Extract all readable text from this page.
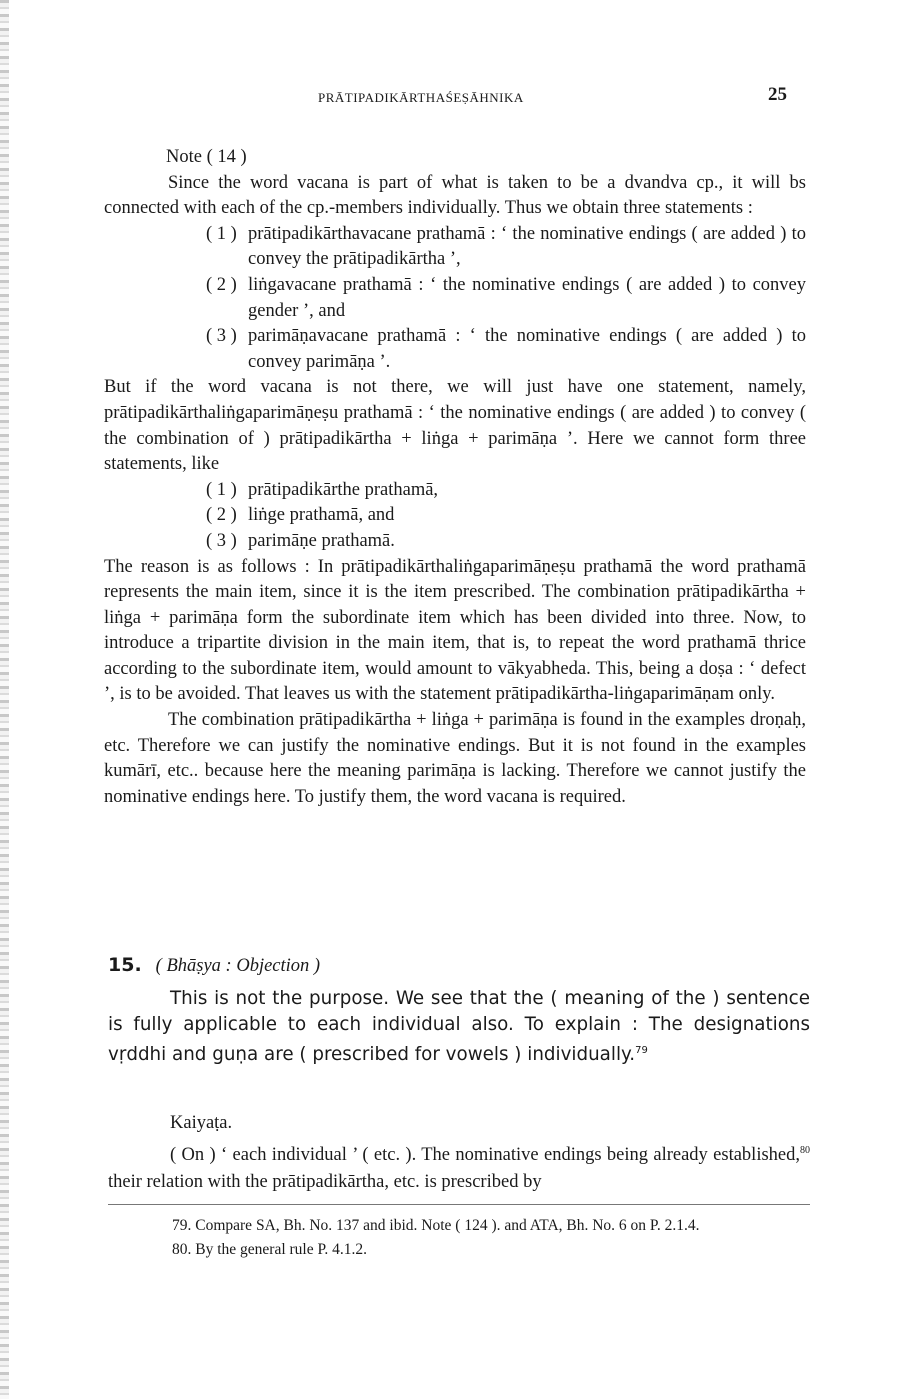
PRĀTIPADIKĀRTHAŚEṢĀHNIKA	25

Note ( 14 )

Since the word vacana is part of what is taken to be a dvandva cp., it will bs connected with each of the cp.-members individually. Thus we obtain three statements :

( 1 ) prātipadikārthavacane prathamā : ‘ the nominative endings ( are added ) to convey the prātipadikārtha ’,
( 2 ) liṅgavacane prathamā : ‘ the nominative endings ( are added ) to convey gender ’, and
( 3 ) parimāṇavacane prathamā : ‘ the nominative endings ( are added ) to convey parimāṇa ’.

But if the word vacana is not there, we will just have one statement, namely, prātipadikārthaliṅgaparimāṇeṣu prathamā : ‘ the nominative endings ( are added ) to convey ( the combination of ) prātipadikārtha + liṅga + parimāṇa ’. Here we cannot form three statements, like

( 1 ) prātipadikārthe prathamā,
( 2 ) liṅge prathamā, and
( 3 ) parimāṇe prathamā.

The reason is as follows : In prātipadikārthaliṅgaparimāṇeṣu prathamā the word prathamā represents the main item, since it is the item prescribed. The combination prātipadikārtha + liṅga + parimāṇa form the subordinate item which has been divided into three. Now, to introduce a tripartite division in the main item, that is, to repeat the word prathamā thrice according to the subordinate item, would amount to vākyabheda. This, being a doṣa : ‘ defect ’, is to be avoided. That leaves us with the statement prātipadikārtha-liṅgaparimāṇam only.

The combination prātipadikārtha + liṅga + parimāṇa is found in the examples droṇaḥ, etc. Therefore we can justify the nominative endings. But it is not found in the examples kumārī, etc.. because here the meaning parimāṇa is lacking. Therefore we cannot justify the nominative endings here. To justify them, the word vacana is required.

15. ( Bhāṣya : Objection )

This is not the purpose. We see that the ( meaning of the ) sentence is fully applicable to each individual also. To explain : The designations vṛddhi and guṇa are ( prescribed for vowels ) individually.$^{79}$

Kaiyaṭa.

( On ) ‘ each individual ’ ( etc. ). The nominative endings being already established,$^{80}$ their relation with the prātipadikārtha, etc. is prescribed by

79. Compare SA, Bh. No. 137 and ibid. Note ( 124 ). and ATA, Bh. No. 6 on P. 2.1.4.

80. By the general rule P. 4.1.2.
